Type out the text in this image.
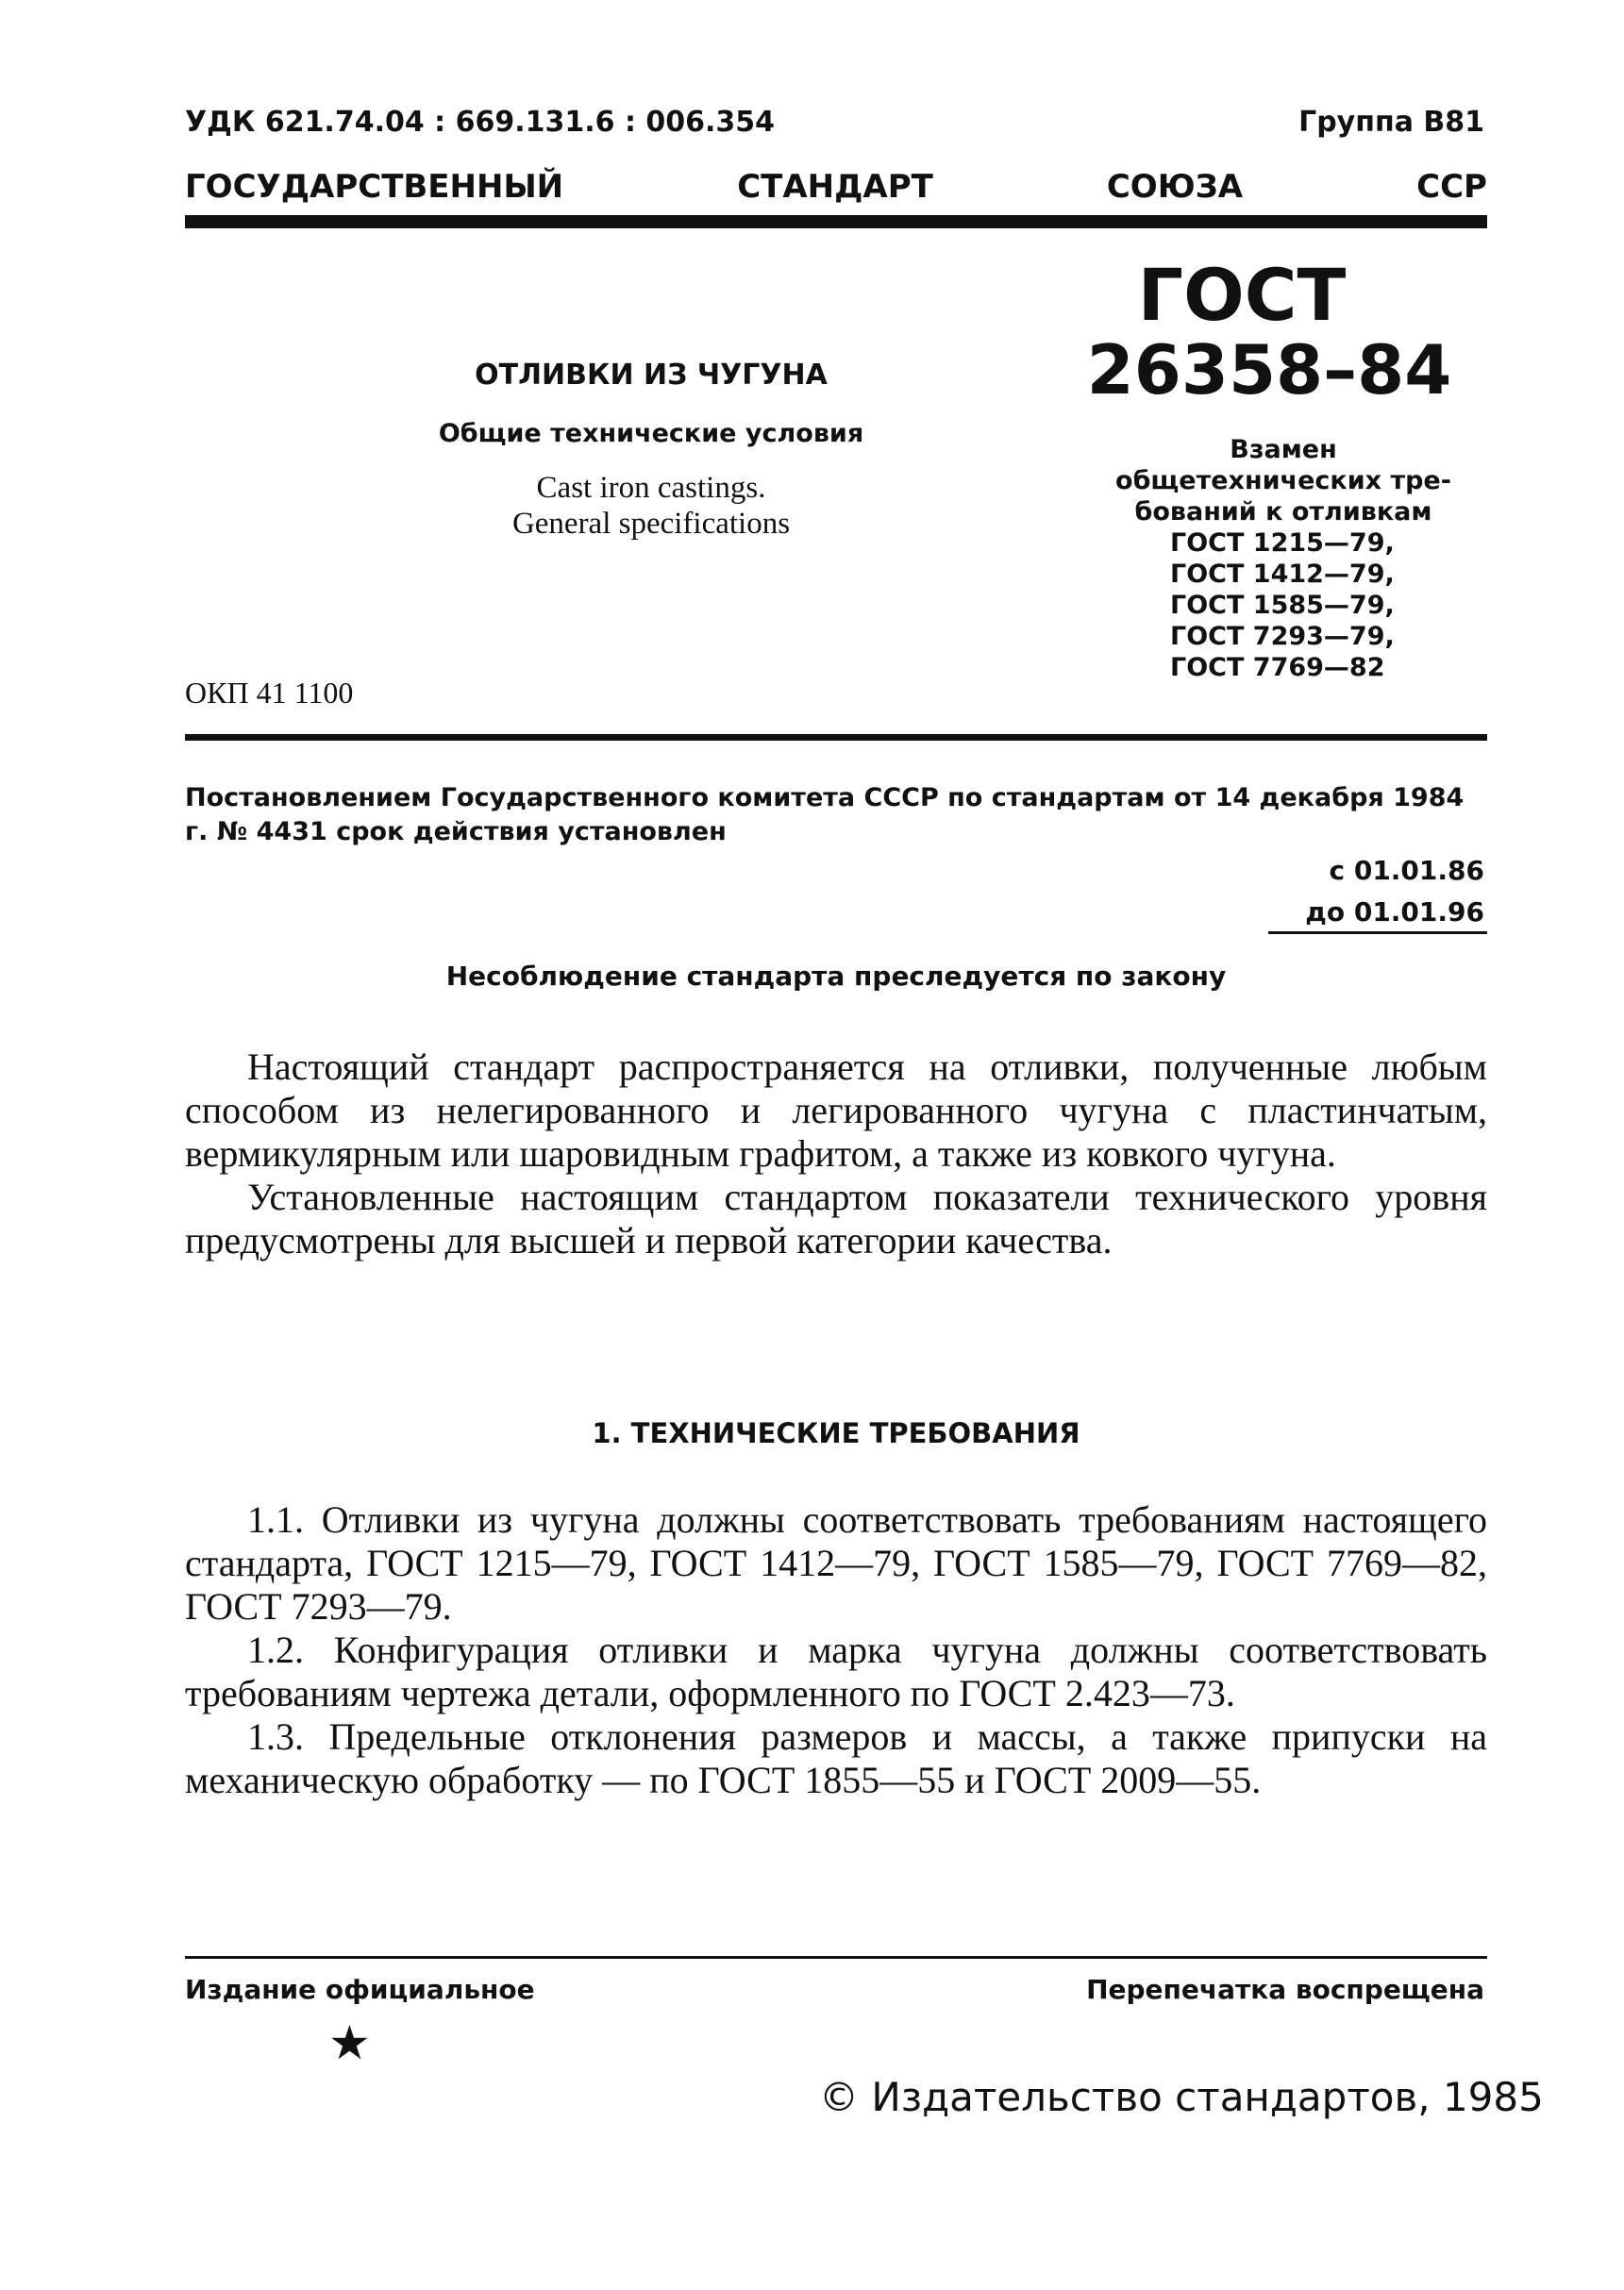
УДК 621.74.04 : 669.131.6 : 006.354	Группа В81
ГОСУДАРСТВЕННЫЙ	СТАНДАРТ	СОЮЗА	ССР
ГОСТ
26358–84
ОТЛИВКИ ИЗ ЧУГУНА
Общие технические условия
Cast iron castings.
General specifications
ОКП 41 1100
Взамен
общетехнических тре-
бований к отливкам
ГОСТ 1215—79,
ГОСТ 1412—79,
ГОСТ 1585—79,
ГОСТ 7293—79,
ГОСТ 7769—82
Постановлением Государственного комитета СССР по стандартам от 14 декабря 1984 г. № 4431 срок действия установлен
с 01.01.86
до 01.01.96
Несоблюдение стандарта преследуется по закону

Настоящий стандарт распространяется на отливки, полученные любым способом из нелегированного и легированного чугуна с пластинчатым, вермикулярным или шаровидным графитом, а также из ковкого чугуна.

Установленные настоящим стандартом показатели технического уровня предусмотрены для высшей и первой категории качества.

1. ТЕХНИЧЕСКИЕ ТРЕБОВАНИЯ

1.1. Отливки из чугуна должны соответствовать требованиям настоящего стандарта, ГОСТ 1215—79, ГОСТ 1412—79, ГОСТ 1585—79, ГОСТ 7769—82, ГОСТ 7293—79.

1.2. Конфигурация отливки и марка чугуна должны соответствовать требованиям чертежа детали, оформленного по ГОСТ 2.423—73.

1.3. Предельные отклонения размеров и массы, а также припуски на механическую обработку — по ГОСТ 1855—55 и ГОСТ 2009—55.

Издание официальное	Перепечатка воспрещена
★
© Издательство стандартов, 1985
